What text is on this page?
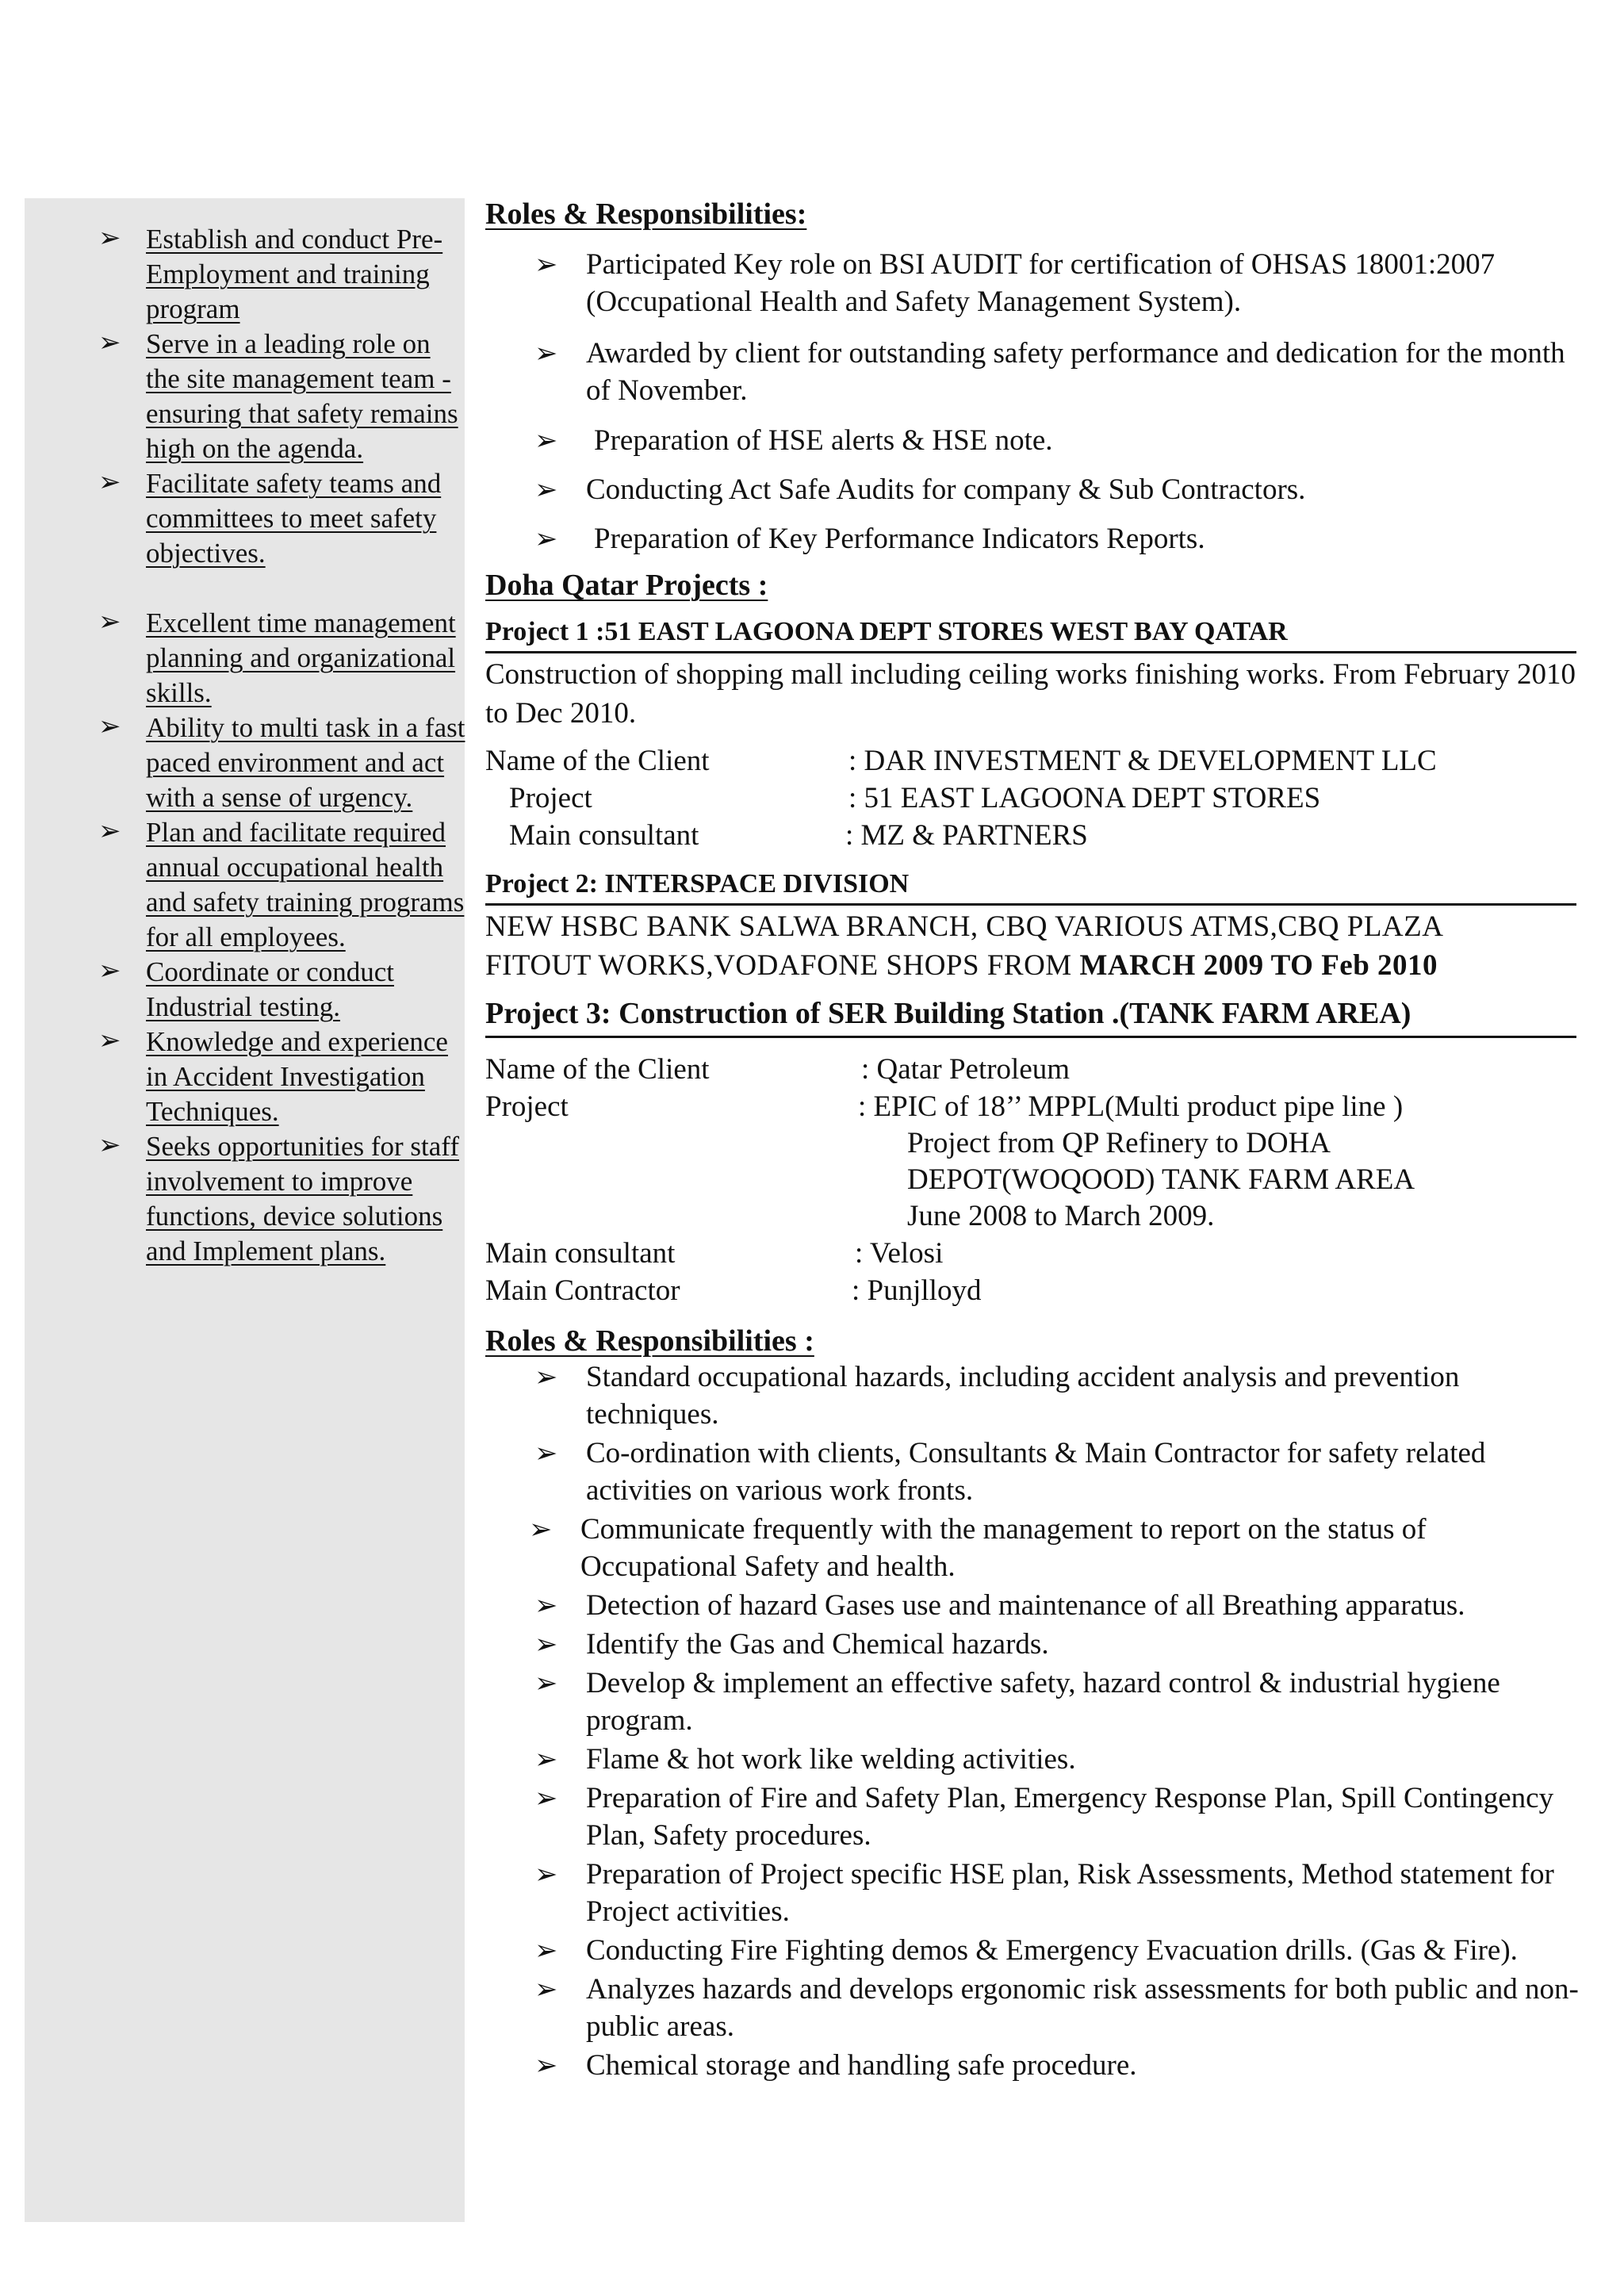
➢ Establish and conduct Pre-Employment and training program
➢ Serve in a leading role on the site management team - ensuring that safety remains high on the agenda.
➢ Facilitate safety teams and committees to meet safety objectives.
➢ Excellent time management planning and organizational skills.
➢ Ability to multi task in a fast paced environment and act with a sense of urgency.
➢ Plan and facilitate required annual occupational health and safety training programs for all employees.
➢ Coordinate or conduct Industrial testing.
➢ Knowledge and experience in Accident Investigation Techniques.
➢ Seeks opportunities for staff involvement to improve functions, device solutions and Implement plans.
Roles & Responsibilities:
➢ Participated Key role on BSI AUDIT for certification of OHSAS 18001:2007 (Occupational Health and Safety Management System).
➢ Awarded by client for outstanding safety performance and dedication for the month of November.
➢ Preparation of HSE alerts & HSE note.
➢ Conducting Act Safe Audits for company & Sub Contractors.
➢ Preparation of Key Performance Indicators Reports.
Doha Qatar Projects :
Project 1 :51 EAST LAGOONA DEPT STORES WEST BAY QATAR
Construction of shopping mall including ceiling works finishing works. From February 2010 to Dec 2010.
Name of the Client	: DAR INVESTMENT & DEVELOPMENT LLC
Project	: 51 EAST LAGOONA DEPT STORES
Main consultant	: MZ & PARTNERS
Project 2: INTERSPACE DIVISION
NEW HSBC BANK SALWA BRANCH, CBQ VARIOUS ATMS,CBQ PLAZA
FITOUT WORKS,VODAFONE SHOPS FROM MARCH 2009 TO Feb 2010
Project 3: Construction of SER Building Station .(TANK FARM AREA)
Name of the Client	: Qatar Petroleum
Project	: EPIC of 18’’ MPPL(Multi product pipe line )
Project from QP Refinery to DOHA
DEPOT(WOQOOD) TANK FARM AREA
June 2008 to March 2009.
Main consultant	: Velosi
Main Contractor	: Punjlloyd
Roles & Responsibilities :
➢ Standard occupational hazards, including accident analysis and prevention techniques.
➢ Co-ordination with clients, Consultants & Main Contractor for safety related activities on various work fronts.
➢ Communicate frequently with the management to report on the status of Occupational Safety and health.
➢ Detection of hazard Gases use and maintenance of all Breathing apparatus.
➢ Identify the Gas and Chemical hazards.
➢ Develop & implement an effective safety, hazard control & industrial hygiene program.
➢ Flame & hot work like welding activities.
➢ Preparation of Fire and Safety Plan, Emergency Response Plan, Spill Contingency Plan, Safety procedures.
➢ Preparation of Project specific HSE plan, Risk Assessments, Method statement for Project activities.
➢ Conducting Fire Fighting demos & Emergency Evacuation drills. (Gas & Fire).
➢ Analyzes hazards and develops ergonomic risk assessments for both public and non-public areas.
➢ Chemical storage and handling safe procedure.
